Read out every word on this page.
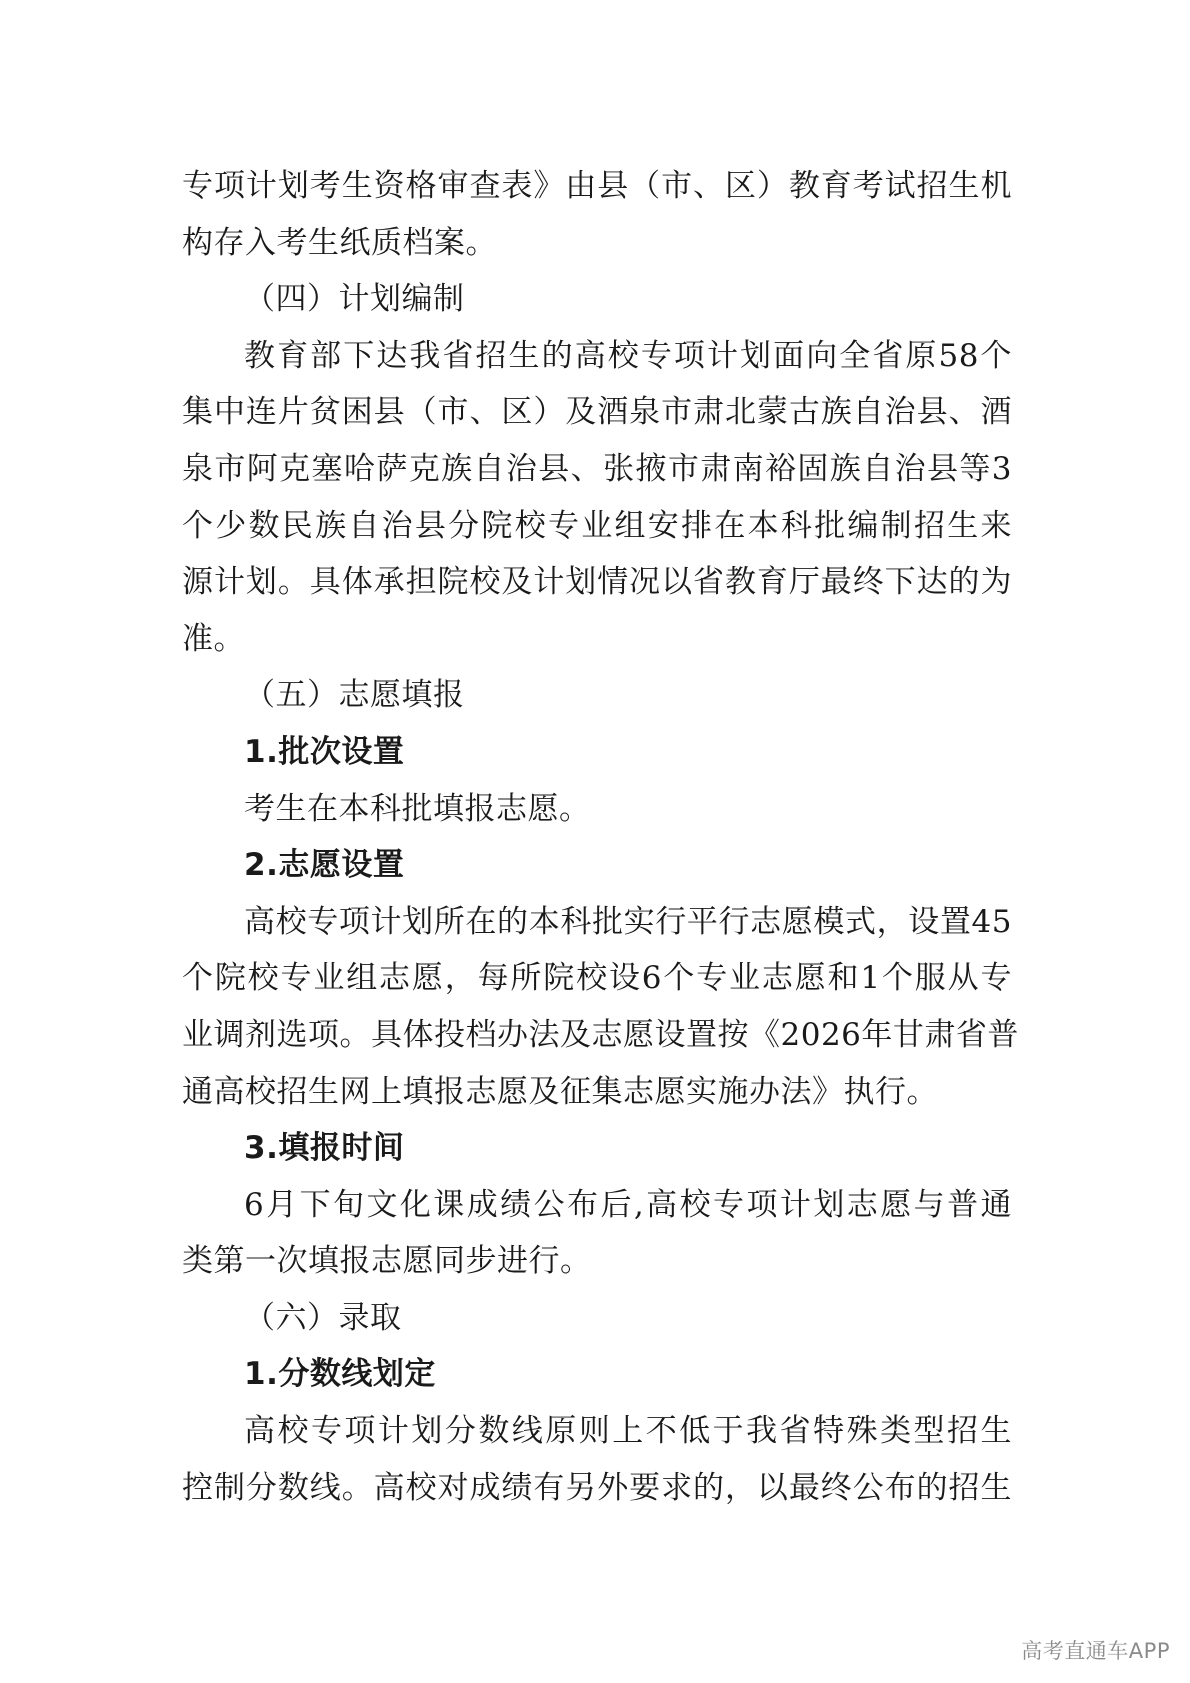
专项计划考生资格审查表》由县（市、区）教育考试招生机
构存入考生纸质档案。
（四）计划编制
教育部下达我省招生的高校专项计划面向全省原58个
集中连片贫困县（市、区）及酒泉市肃北蒙古族自治县、酒
泉市阿克塞哈萨克族自治县、张掖市肃南裕固族自治县等3
个少数民族自治县分院校专业组安排在本科批编制招生来
源计划。具体承担院校及计划情况以省教育厅最终下达的为
准。
（五）志愿填报
1.批次设置
考生在本科批填报志愿。
2.志愿设置
高校专项计划所在的本科批实行平行志愿模式，设置45
个院校专业组志愿，每所院校设6个专业志愿和1个服从专
业调剂选项。具体投档办法及志愿设置按《2026年甘肃省普
通高校招生网上填报志愿及征集志愿实施办法》执行。
3.填报时间
6月下旬文化课成绩公布后,高校专项计划志愿与普通
类第一次填报志愿同步进行。
（六）录取
1.分数线划定
高校专项计划分数线原则上不低于我省特殊类型招生
控制分数线。高校对成绩有另外要求的，以最终公布的招生
高考直通车APP
